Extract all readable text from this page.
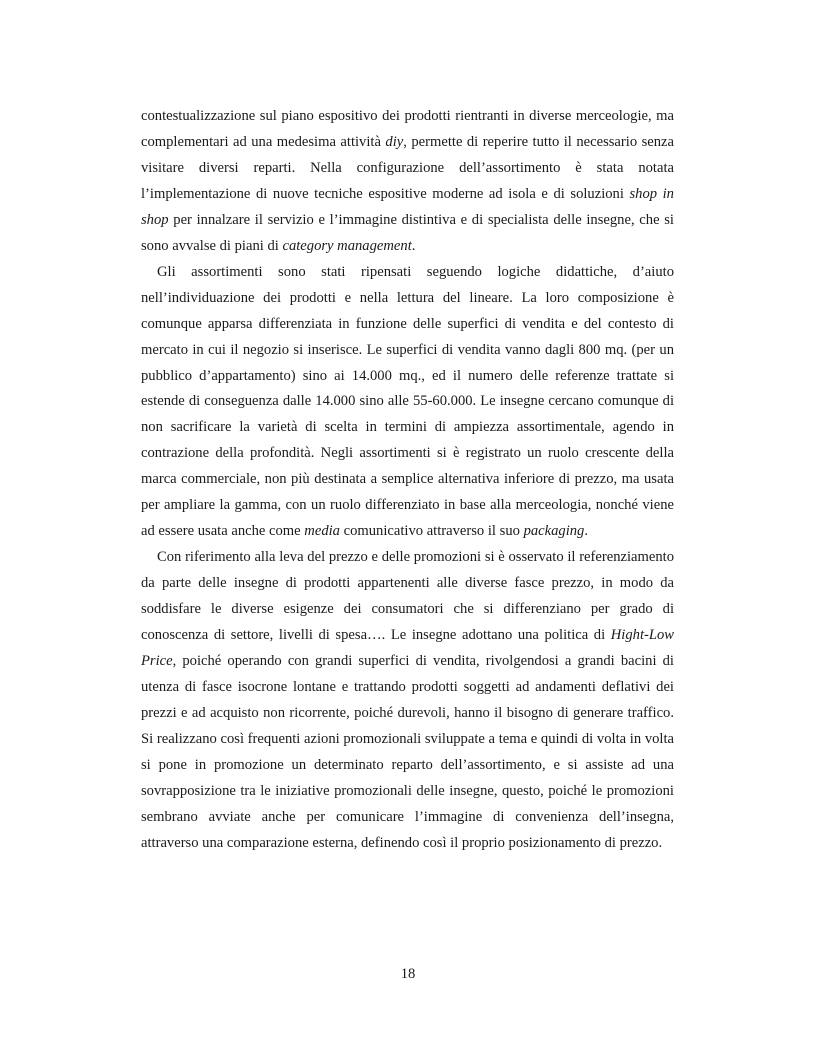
contestualizzazione sul piano espositivo dei prodotti rientranti in diverse merceologie, ma complementari ad una medesima attività diy, permette di reperire tutto il necessario senza visitare diversi reparti. Nella configurazione dell’assortimento è stata notata l’implementazione di nuove tecniche espositive moderne ad isola e di soluzioni shop in shop per innalzare il servizio e l’immagine distintiva e di specialista delle insegne, che si sono avvalse di piani di category management.

Gli assortimenti sono stati ripensati seguendo logiche didattiche, d’aiuto nell’individuazione dei prodotti e nella lettura del lineare. La loro composizione è comunque apparsa differenziata in funzione delle superfici di vendita e del contesto di mercato in cui il negozio si inserisce. Le superfici di vendita vanno dagli 800 mq. (per un pubblico d’appartamento) sino ai 14.000 mq., ed il numero delle referenze trattate si estende di conseguenza dalle 14.000 sino alle 55-60.000. Le insegne cercano comunque di non sacrificare la varietà di scelta in termini di ampiezza assortimentale, agendo in contrazione della profondità. Negli assortimenti si è registrato un ruolo crescente della marca commerciale, non più destinata a semplice alternativa inferiore di prezzo, ma usata per ampliare la gamma, con un ruolo differenziato in base alla merceologia, nonché viene ad essere usata anche come media comunicativo attraverso il suo packaging.

Con riferimento alla leva del prezzo e delle promozioni si è osservato il referenziamento da parte delle insegne di prodotti appartenenti alle diverse fasce prezzo, in modo da soddisfare le diverse esigenze dei consumatori che si differenziano per grado di conoscenza di settore, livelli di spesa…. Le insegne adottano una politica di Hight-Low Price, poiché operando con grandi superfici di vendita, rivolgendosi a grandi bacini di utenza di fasce isocrone lontane e trattando prodotti soggetti ad andamenti deflativi dei prezzi e ad acquisto non ricorrente, poiché durevoli, hanno il bisogno di generare traffico. Si realizzano così frequenti azioni promozionali sviluppate a tema e quindi di volta in volta si pone in promozione un determinato reparto dell’assortimento, e si assiste ad una sovrapposizione tra le iniziative promozionali delle insegne, questo, poiché le promozioni sembrano avviate anche per comunicare l’immagine di convenienza dell’insegna, attraverso una comparazione esterna, definendo così il proprio posizionamento di prezzo.

18
